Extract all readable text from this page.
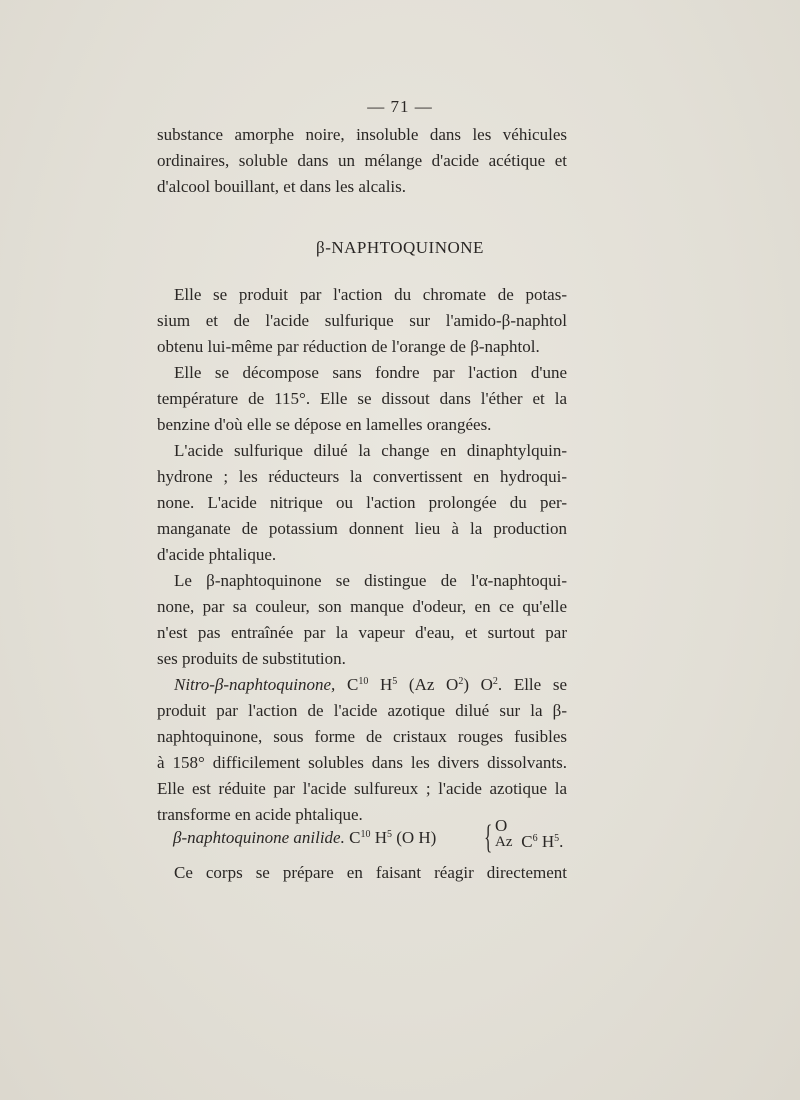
— 71 —

substance amorphe noire, insoluble dans les véhicules

ordinaires, soluble dans un mélange d'acide acétique et

d'alcool bouillant, et dans les alcalis.

β-NAPHTOQUINONE

Elle se produit par l'action du chromate de potas-

sium et de l'acide sulfurique sur l'amido-β-naphtol

obtenu lui-même par réduction de l'orange de β-naphtol.

Elle se décompose sans fondre par l'action d'une

température de 115°. Elle se dissout dans l'éther et la

benzine d'où elle se dépose en lamelles orangées.

L'acide sulfurique dilué la change en dinaphtylquin-

hydrone ; les réducteurs la convertissent en hydroqui-

none. L'acide nitrique ou l'action prolongée du per-

manganate de potassium donnent lieu à la production

d'acide phtalique.

Le β-naphtoquinone se distingue de l'α-naphtoqui-

none, par sa couleur, son manque d'odeur, en ce qu'elle

n'est pas entraînée par la vapeur d'eau, et surtout par

ses produits de substitution.

Nitro-β-naphtoquinone, $C^{10}$ $H^5$ (Az $O^2$) $O^2$. Elle se

produit par l'action de l'acide azotique dilué sur la β-

naphtoquinone, sous forme de cristaux rouges fusibles

à 158° difficilement solubles dans les divers dissolvants.

Elle est réduite par l'acide sulfureux ; l'acide azotique la

transforme en acide phtalique.

β-naphtoquinone anilide. $C^{10}$ $H^5$ (O H) { O
Az $C^6$ $H^5$.

Ce corps se prépare en faisant réagir directement
